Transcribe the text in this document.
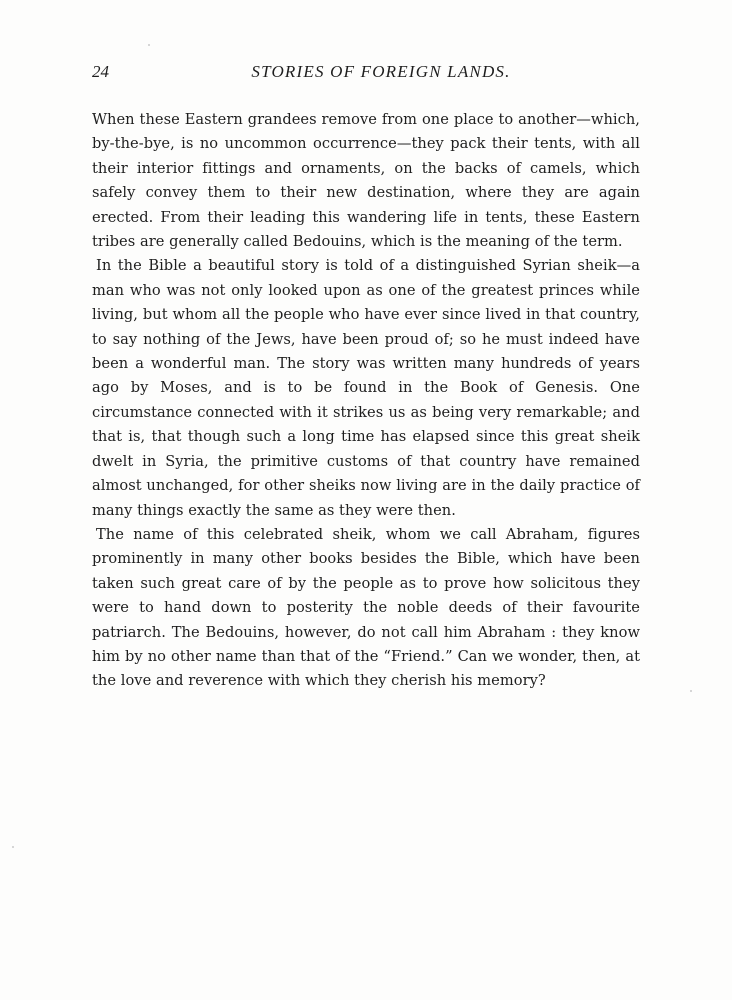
24	STORIES OF FOREIGN LANDS.

When these Eastern grandees remove from one place to another—which, by-the-bye, is no uncommon occurrence—they pack their tents, with all their interior fittings and ornaments, on the backs of camels, which safely convey them to their new destination, where they are again erected. From their leading this wandering life in tents, these Eastern tribes are generally called Bedouins, which is the meaning of the term.

In the Bible a beautiful story is told of a distinguished Syrian sheik—a man who was not only looked upon as one of the greatest princes while living, but whom all the people who have ever since lived in that country, to say nothing of the Jews, have been proud of; so he must indeed have been a wonderful man. The story was written many hundreds of years ago by Moses, and is to be found in the Book of Genesis. One circumstance connected with it strikes us as being very remarkable; and that is, that though such a long time has elapsed since this great sheik dwelt in Syria, the primitive customs of that country have remained almost unchanged, for other sheiks now living are in the daily practice of many things exactly the same as they were then.

The name of this celebrated sheik, whom we call Abraham, figures prominently in many other books besides the Bible, which have been taken such great care of by the people as to prove how solicitous they were to hand down to posterity the noble deeds of their favourite patriarch. The Bedouins, however, do not call him Abraham : they know him by no other name than that of the “Friend.” Can we wonder, then, at the love and reverence with which they cherish his memory?
